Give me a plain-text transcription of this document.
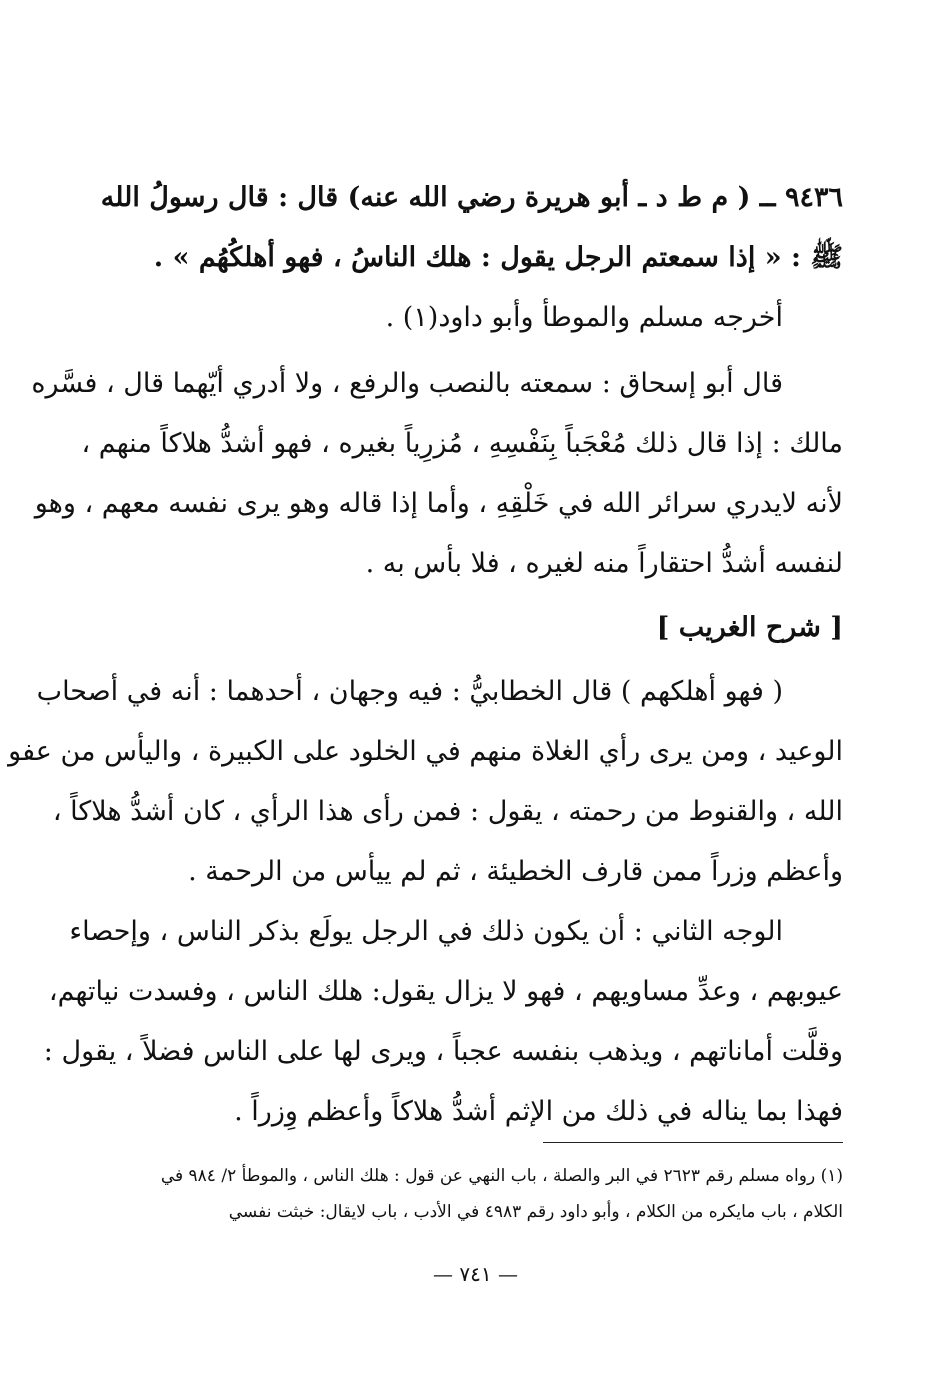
٩٤٣٦ ــ ( م ط د ـ أبو هريرة رضي الله عنه) قال : قال رسولُ الله
ﷺ : « إذا سمعتم الرجل يقول : هلك الناسُ ، فهو أهلكُهُم » .
أخرجه مسلم والموطأ وأبو داود(١) .
قال أبو إسحاق : سمعته بالنصب والرفع ، ولا أدري أيّهما قال ، فسَّره
مالك : إذا قال ذلك مُعْجَباً بِنَفْسِهِ ، مُزرِياً بغيره ، فهو أشدُّ هلاكاً منهم ،
لأنه لايدري سرائر الله في خَلْقِهِ ، وأما إذا قاله وهو يرى نفسه معهم ، وهو
لنفسه أشدُّ احتقاراً منه لغيره ، فلا بأس به .
[ شرح الغريب ]
( فهو أهلكهم ) قال الخطابيُّ : فيه وجهان ، أحدهما : أنه في أصحاب
الوعيد ، ومن يرى رأي الغلاة منهم في الخلود على الكبيرة ، واليأس من عفو
الله ، والقنوط من رحمته ، يقول : فمن رأى هذا الرأي ، كان أشدُّ هلاكاً ،
وأعظم وزراً ممن قارف الخطيئة ، ثم لم ييأس من الرحمة .
الوجه الثاني : أن يكون ذلك في الرجل يولَع بذكر الناس ، وإحصاء
عيوبهم ، وعدِّ مساويهم ، فهو لا يزال يقول: هلك الناس ، وفسدت نياتهم،
وقلَّت أماناتهم ، ويذهب بنفسه عجباً ، ويرى لها على الناس فضلاً ، يقول :
فهذا بما يناله في ذلك من الإثم أشدُّ هلاكاً وأعظم وِزراً .
(١) رواه مسلم رقم ٢٦٢٣ في البر والصلة ، باب النهي عن قول : هلك الناس ، والموطأ ٢/ ٩٨٤ في
الكلام ، باب مايكره من الكلام ، وأبو داود رقم ٤٩٨٣ في الأدب ، باب لايقال: خبثت نفسي
— ٧٤١ —
